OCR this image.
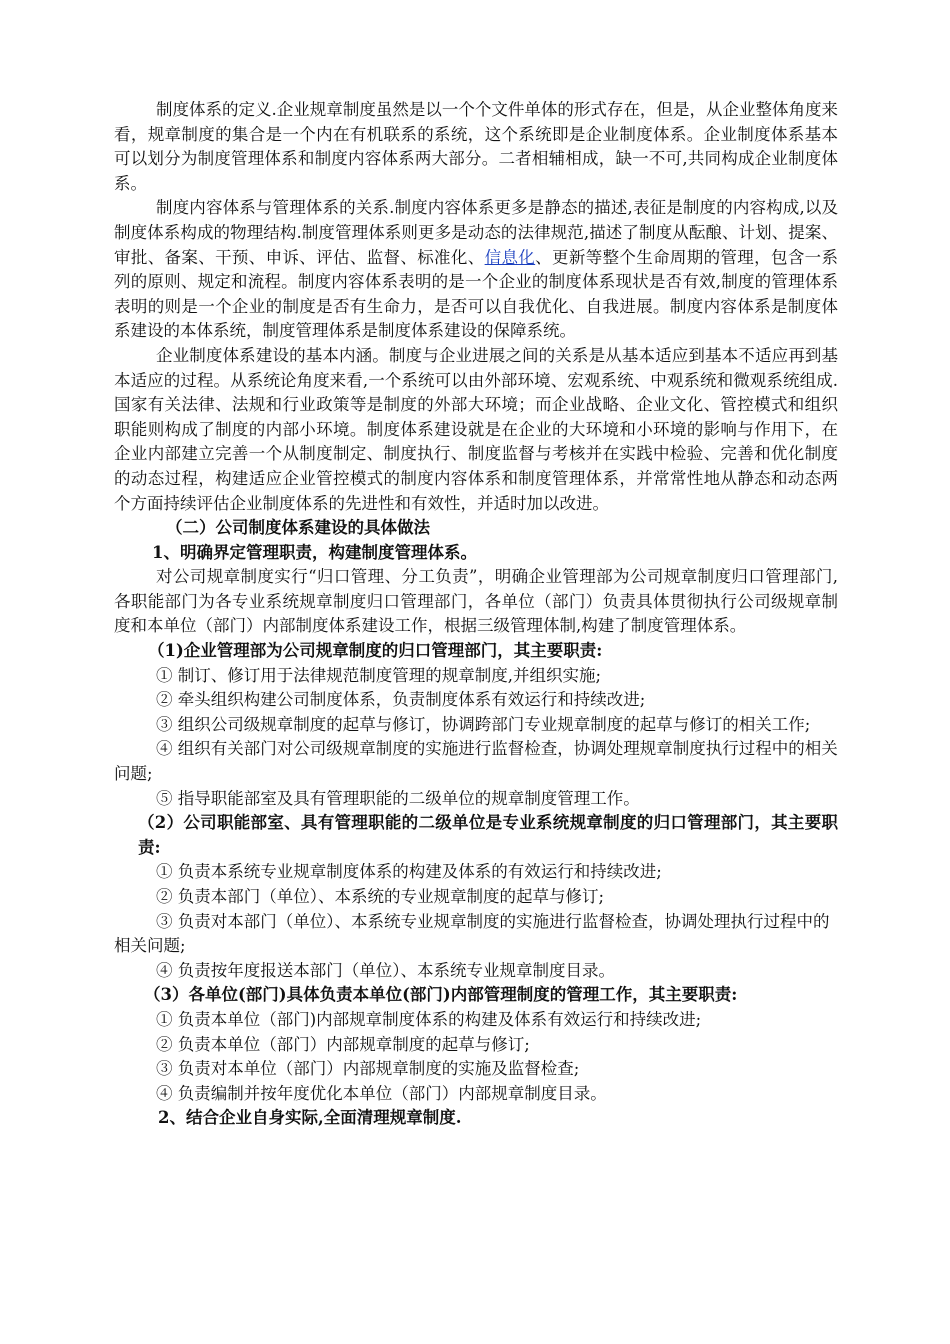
制度体系的定义.企业规章制度虽然是以一个个文件单体的形式存在，但是，从企业整体角度来看，规章制度的集合是一个内在有机联系的系统，这个系统即是企业制度体系。企业制度体系基本可以划分为制度管理体系和制度内容体系两大部分。二者相辅相成，缺一不可,共同构成企业制度体系。

制度内容体系与管理体系的关系.制度内容体系更多是静态的描述,表征是制度的内容构成,以及制度体系构成的物理结构.制度管理体系则更多是动态的法律规范,描述了制度从酝酿、计划、提案、审批、备案、干预、申诉、评估、监督、标准化、信息化、更新等整个生命周期的管理，包含一系列的原则、规定和流程。制度内容体系表明的是一个企业的制度体系现状是否有效,制度的管理体系表明的则是一个企业的制度是否有生命力，是否可以自我优化、自我进展。制度内容体系是制度体系建设的本体系统，制度管理体系是制度体系建设的保障系统。

企业制度体系建设的基本内涵。制度与企业进展之间的关系是从基本适应到基本不适应再到基本适应的过程。从系统论角度来看,一个系统可以由外部环境、宏观系统、中观系统和微观系统组成.国家有关法律、法规和行业政策等是制度的外部大环境；而企业战略、企业文化、管控模式和组织职能则构成了制度的内部小环境。制度体系建设就是在企业的大环境和小环境的影响与作用下，在企业内部建立完善一个从制度制定、制度执行、制度监督与考核并在实践中检验、完善和优化制度的动态过程，构建适应企业管控模式的制度内容体系和制度管理体系，并常常性地从静态和动态两个方面持续评估企业制度体系的先进性和有效性，并适时加以改进。

（二）公司制度体系建设的具体做法

1、明确界定管理职责，构建制度管理体系。

对公司规章制度实行“归口管理、分工负责”，明确企业管理部为公司规章制度归口管理部门,各职能部门为各专业系统规章制度归口管理部门，各单位（部门）负责具体贯彻执行公司级规章制度和本单位（部门）内部制度体系建设工作，根据三级管理体制,构建了制度管理体系。

（1)企业管理部为公司规章制度的归口管理部门，其主要职责:

① 制订、修订用于法律规范制度管理的规章制度,并组织实施;

② 牵头组织构建公司制度体系，负责制度体系有效运行和持续改进;

③ 组织公司级规章制度的起草与修订，协调跨部门专业规章制度的起草与修订的相关工作;

④ 组织有关部门对公司级规章制度的实施进行监督检查，协调处理规章制度执行过程中的相关问题;

⑤ 指导职能部室及具有管理职能的二级单位的规章制度管理工作。

（2）公司职能部室、具有管理职能的二级单位是专业系统规章制度的归口管理部门，其主要职责:

① 负责本系统专业规章制度体系的构建及体系的有效运行和持续改进;

② 负责本部门（单位）、本系统的专业规章制度的起草与修订;

③ 负责对本部门（单位）、本系统专业规章制度的实施进行监督检查，协调处理执行过程中的相关问题;

④ 负责按年度报送本部门（单位）、本系统专业规章制度目录。

（3）各单位(部门)具体负责本单位(部门)内部管理制度的管理工作，其主要职责:

① 负责本单位（部门)内部规章制度体系的构建及体系有效运行和持续改进;

② 负责本单位（部门）内部规章制度的起草与修订;

③ 负责对本单位（部门）内部规章制度的实施及监督检查;

④ 负责编制并按年度优化本单位（部门）内部规章制度目录。

2、结合企业自身实际,全面清理规章制度.
